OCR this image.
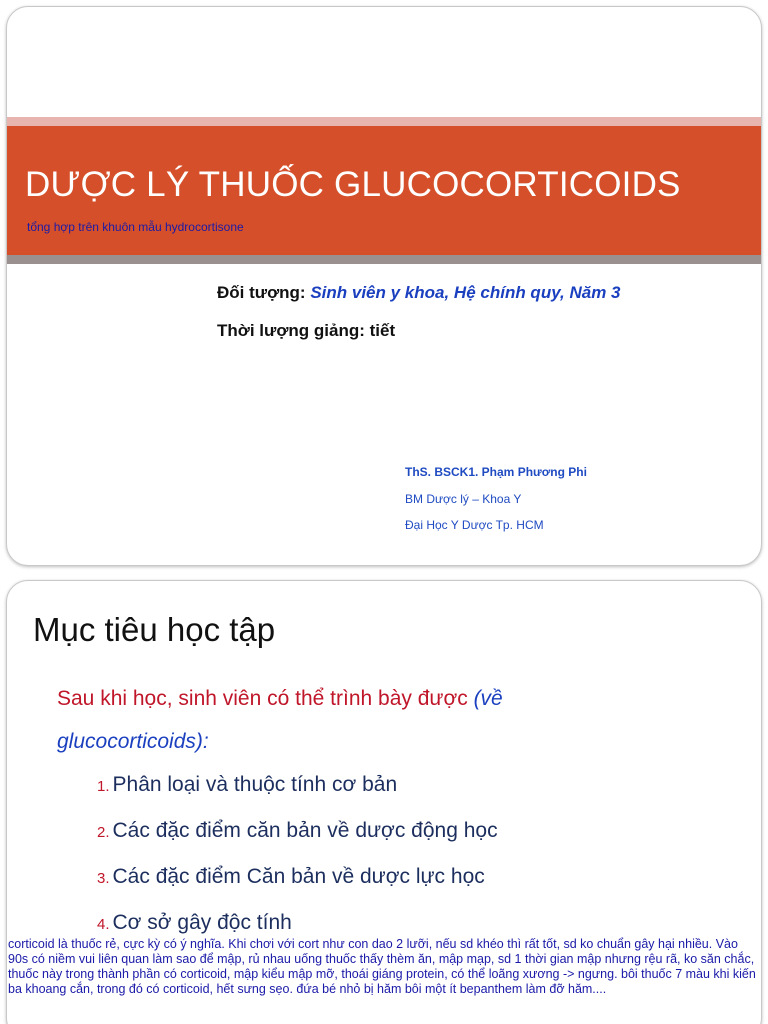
DƯỢC LÝ THUỐC GLUCOCORTICOIDS
tổng hợp trên khuôn mẫu hydrocortisone
Đối tượng: Sinh viên y khoa, Hệ chính quy, Năm 3
Thời lượng giảng: tiết
ThS. BSCK1. Phạm Phương Phi
BM Dược lý – Khoa Y
Đại Học Y Dược Tp. HCM
Mục tiêu học tập
Sau khi học, sinh viên có thể trình bày được (về glucocorticoids):
1. Phân loại và thuộc tính cơ bản
2. Các đặc điểm căn bản về dược động học
3. Các đặc điểm Căn bản về dược lực học
4. Cơ sở gây độc tính
corticoid là thuốc rẻ, cực kỳ có ý nghĩa. Khi chơi với cort như con dao 2 lưỡi, nếu sd khéo thì rất tốt, sd ko chuẩn gây hại nhiều. Vào 90s có niềm vui liên quan làm sao để mập, rủ nhau uống thuốc thấy thèm ăn, mập mạp, sd 1 thời gian mập nhưng rệu rã, ko săn chắc, thuốc này trong thành phần có corticoid, mập kiểu mập mỡ, thoái giáng protein, có thể loãng xương -> ngưng. bôi thuốc 7 màu khi kiến ba khoang cắn, trong đó có corticoid, hết sưng sẹo. đứa bé nhỏ bị hăm bôi một ít bepanthem làm đỡ hăm....
